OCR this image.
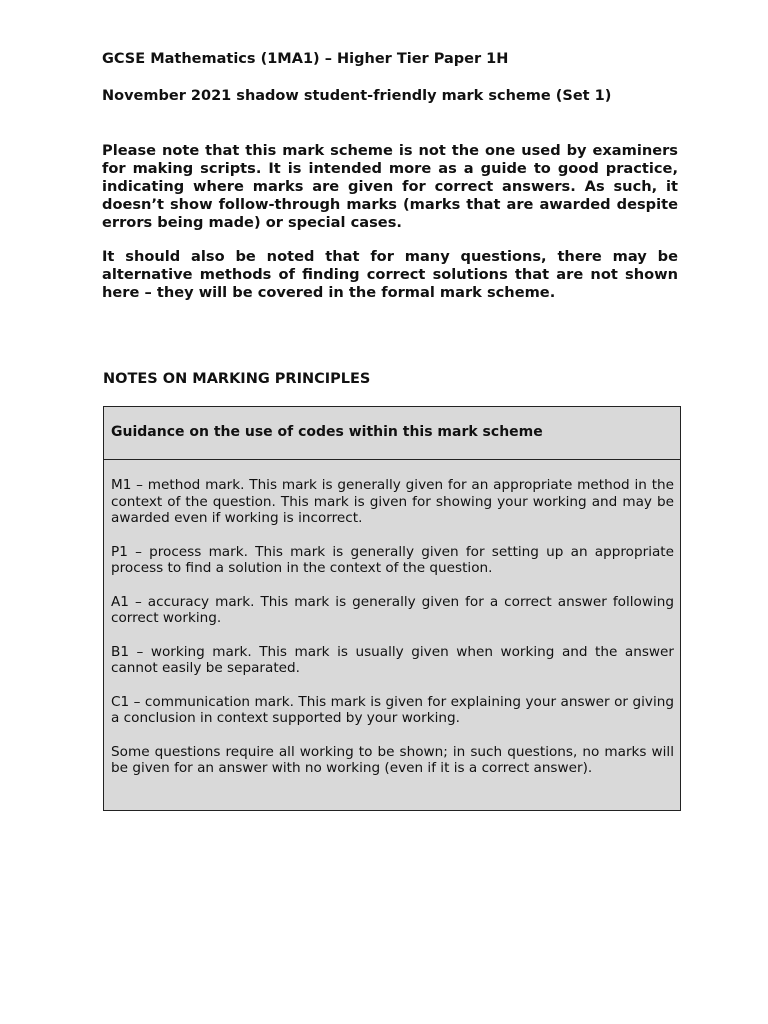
GCSE Mathematics (1MA1) – Higher Tier Paper 1H
November 2021 shadow student-friendly mark scheme (Set 1)

Please note that this mark scheme is not the one used by examiners for making scripts. It is intended more as a guide to good practice, indicating where marks are given for correct answers. As such, it doesn’t show follow-through marks (marks that are awarded despite errors being made) or special cases.

It should also be noted that for many questions, there may be alternative methods of finding correct solutions that are not shown here – they will be covered in the formal mark scheme.

NOTES ON MARKING PRINCIPLES
Guidance on the use of codes within this mark scheme

M1 – method mark. This mark is generally given for an appropriate method in the context of the question. This mark is given for showing your working and may be awarded even if working is incorrect.

P1 – process mark. This mark is generally given for setting up an appropriate process to find a solution in the context of the question.

A1 – accuracy mark. This mark is generally given for a correct answer following correct working.

B1 – working mark. This mark is usually given when working and the answer cannot easily be separated.

C1 – communication mark. This mark is given for explaining your answer or giving a conclusion in context supported by your working.

Some questions require all working to be shown; in such questions, no marks will be given for an answer with no working (even if it is a correct answer).
